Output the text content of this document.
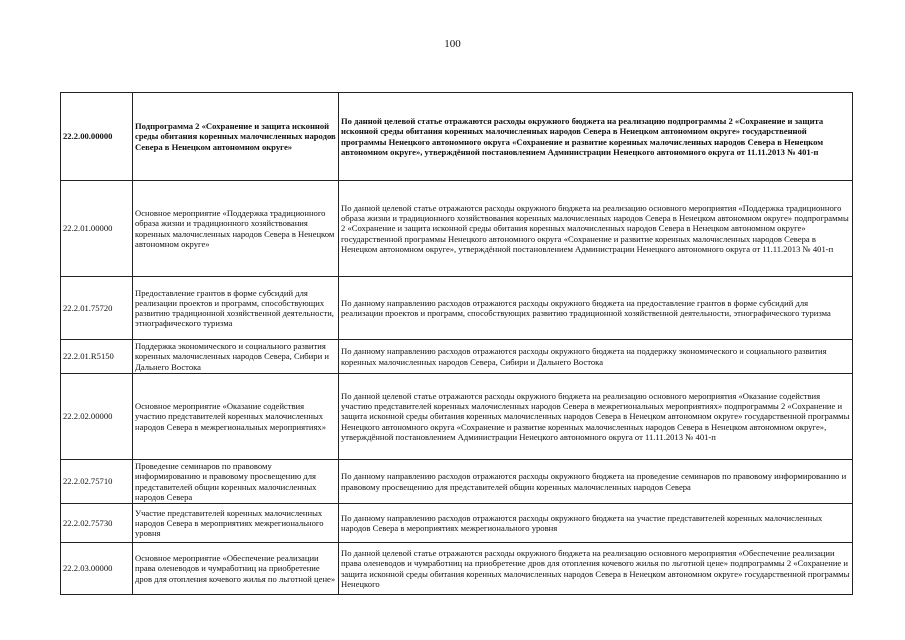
100
22.2.00.00000	Подпрограмма 2 «Сохранение и защита исконной среды обитания коренных малочисленных народов Севера в Ненецком автономном округе»	По данной целевой статье отражаются расходы окружного бюджета на реализацию подпрограммы 2 «Сохранение и защита исконной среды обитания коренных малочисленных народов Севера в Ненецком автономном округе» государственной программы Ненецкого автономного округа «Сохранение и развитие коренных малочисленных народов Севера в Ненецком автономном округе», утверждённой постановлением Администрации Ненецкого автономного округа от 11.11.2013 № 401-п
22.2.01.00000	Основное мероприятие «Поддержка традиционного образа жизни и традиционного хозяйствования коренных малочисленных народов Севера в Ненецком автономном округе»	По данной целевой статье отражаются расходы окружного бюджета на реализацию основного мероприятия «Поддержка традиционного образа жизни и традиционного хозяйствования коренных малочисленных народов Севера в Ненецком автономном округе» подпрограммы 2 «Сохранение и защита исконной среды обитания коренных малочисленных народов Севера в Ненецком автономном округе» государственной программы Ненецкого автономного округа «Сохранение и развитие коренных малочисленных народов Севера в Ненецком автономном округе», утверждённой постановлением Администрации Ненецкого автономного округа от 11.11.2013 № 401-п
22.2.01.75720	Предоставление грантов в форме субсидий для реализации проектов и программ, способствующих развитию традиционной хозяйственной деятельности, этнографического туризма	По данному направлению расходов отражаются расходы окружного бюджета на предоставление грантов в форме субсидий для реализации проектов и программ, способствующих развитию традиционной хозяйственной деятельности, этнографического туризма
22.2.01.R5150	Поддержка экономического и социального развития коренных малочисленных народов Севера, Сибири и Дальнего Востока	По данному направлению расходов отражаются расходы окружного бюджета на поддержку экономического и социального развития коренных малочисленных народов Севера, Сибири и Дальнего Востока
22.2.02.00000	Основное мероприятие «Оказание содействия участию представителей коренных малочисленных народов Севера в межрегиональных мероприятиях»	По данной целевой статье отражаются расходы окружного бюджета на реализацию основного мероприятия «Оказание содействия участию представителей коренных малочисленных народов Севера в межрегиональных мероприятиях» подпрограммы 2 «Сохранение и защита исконной среды обитания коренных малочисленных народов Севера в Ненецком автономном округе» государственной программы Ненецкого автономного округа «Сохранение и развитие коренных малочисленных народов Севера в Ненецком автономном округе», утверждённой постановлением Администрации Ненецкого автономного округа от 11.11.2013 № 401-п
22.2.02.75710	Проведение семинаров по правовому информированию и правовому просвещению для представителей общин коренных малочисленных народов Севера	По данному направлению расходов отражаются расходы окружного бюджета на проведение семинаров по правовому информированию и правовому просвещению для представителей общин коренных малочисленных народов Севера
22.2.02.75730	Участие представителей коренных малочисленных народов Севера в мероприятиях межрегионального уровня	По данному направлению расходов отражаются расходы окружного бюджета на участие представителей коренных малочисленных народов Севера в мероприятиях межрегионального уровня
22.2.03.00000	Основное мероприятие «Обеспечение реализации права оленеводов и чумработниц на приобретение дров для отопления кочевого жилья по льготной цене»	По данной целевой статье отражаются расходы окружного бюджета на реализацию основного мероприятия «Обеспечение реализации права оленеводов и чумработниц на приобретение дров для отопления кочевого жилья по льготной цене» подпрограммы 2 «Сохранение и защита исконной среды обитания коренных малочисленных народов Севера в Ненецком автономном округе» государственной программы Ненецкого
